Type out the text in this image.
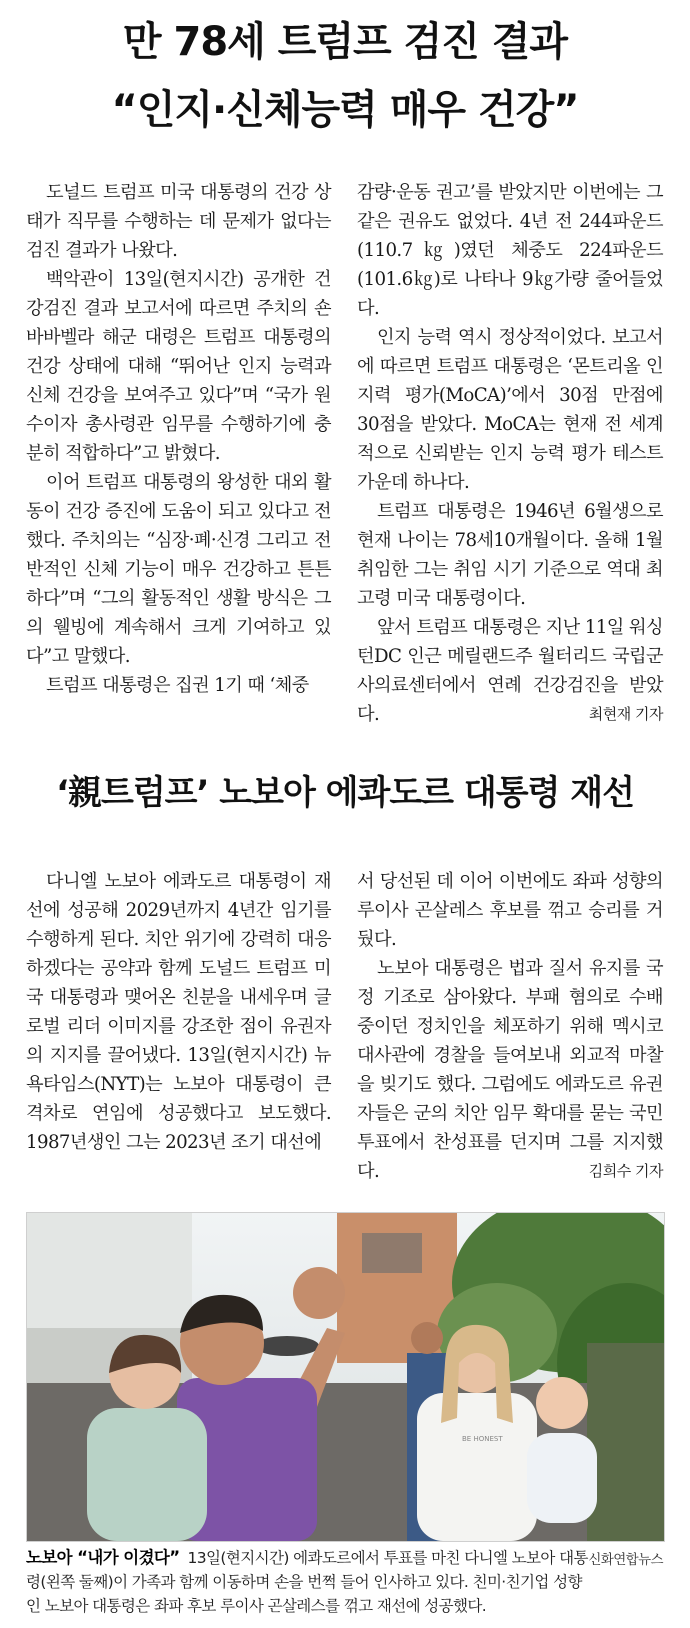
만 78세 트럼프 검진 결과
“인지·신체능력 매우 건강”

도널드 트럼프 미국 대통령의 건강 상태가 직무를 수행하는 데 문제가 없다는 검진 결과가 나왔다.

백악관이 13일(현지시간) 공개한 건강검진 결과 보고서에 따르면 주치의 숀 바바벨라 해군 대령은 트럼프 대통령의 건강 상태에 대해 “뛰어난 인지 능력과 신체 건강을 보여주고 있다”며 “국가 원수이자 총사령관 임무를 수행하기에 충분히 적합하다”고 밝혔다.

이어 트럼프 대통령의 왕성한 대외 활동이 건강 증진에 도움이 되고 있다고 전했다. 주치의는 “심장·폐·신경 그리고 전반적인 신체 기능이 매우 건강하고 튼튼하다”며 “그의 활동적인 생활 방식은 그의 웰빙에 계속해서 크게 기여하고 있다”고 말했다.

트럼프 대통령은 집권 1기 때 ‘체중

감량·운동 권고’를 받았지만 이번에는 그 같은 권유도 없었다. 4년 전 244파운드(110.7㎏)였던 체중도 224파운드(101.6㎏)로 나타나 9㎏가량 줄어들었다.

인지 능력 역시 정상적이었다. 보고서에 따르면 트럼프 대통령은 ‘몬트리올 인지력 평가(MoCA)’에서 30점 만점에 30점을 받았다. MoCA는 현재 전 세계적으로 신뢰받는 인지 능력 평가 테스트 가운데 하나다.

트럼프 대통령은 1946년 6월생으로 현재 나이는 78세10개월이다. 올해 1월 취임한 그는 취임 시기 기준으로 역대 최고령 미국 대통령이다.

앞서 트럼프 대통령은 지난 11일 워싱턴DC 인근 메릴랜드주 월터리드 국립군사의료센터에서 연례 건강검진을 받았다.	최현재 기자

‘親트럼프’ 노보아 에콰도르 대통령 재선

다니엘 노보아 에콰도르 대통령이 재선에 성공해 2029년까지 4년간 임기를 수행하게 된다. 치안 위기에 강력히 대응하겠다는 공약과 함께 도널드 트럼프 미국 대통령과 맺어온 친분을 내세우며 글로벌 리더 이미지를 강조한 점이 유권자의 지지를 끌어냈다. 13일(현지시간) 뉴욕타임스(NYT)는 노보아 대통령이 큰 격차로 연임에 성공했다고 보도했다. 1987년생인 그는 2023년 조기 대선에

서 당선된 데 이어 이번에도 좌파 성향의 루이사 곤살레스 후보를 꺾고 승리를 거뒀다.

노보아 대통령은 법과 질서 유지를 국정 기조로 삼아왔다. 부패 혐의로 수배 중이던 정치인을 체포하기 위해 멕시코대사관에 경찰을 들여보내 외교적 마찰을 빚기도 했다. 그럼에도 에콰도르 유권자들은 군의 치안 임무 확대를 묻는 국민투표에서 찬성표를 던지며 그를 지지했다.	김희수 기자

BE HONEST
신화연합뉴스
노보아 “내가 이겼다” 13일(현지시간) 에콰도르에서 투표를 마친 다니엘 노보아 대통령(왼쪽 둘째)이 가족과 함께 이동하며 손을 번쩍 들어 인사하고 있다. 친미·친기업 성향인 노보아 대통령은 좌파 후보 루이사 곤살레스를 꺾고 재선에 성공했다.
